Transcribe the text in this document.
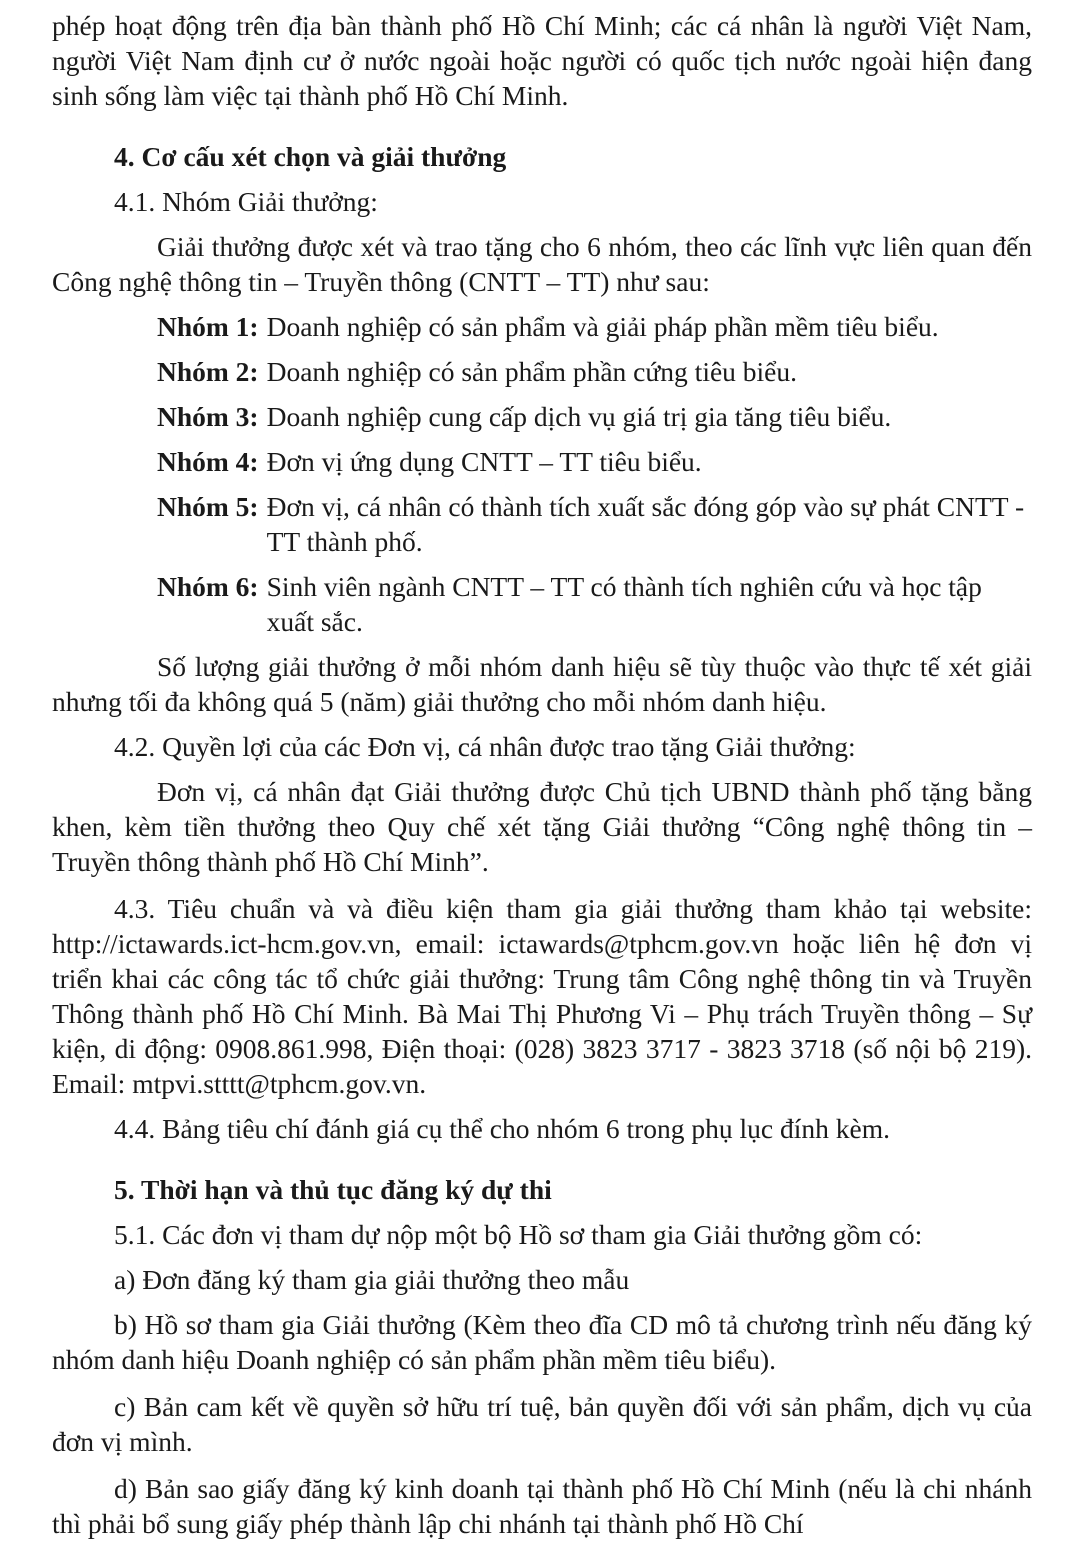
phép hoạt động trên địa bàn thành phố Hồ Chí Minh; các cá nhân là người Việt Nam, người Việt Nam định cư ở nước ngoài hoặc người có quốc tịch nước ngoài hiện đang sinh sống làm việc tại thành phố Hồ Chí Minh.

4. Cơ cấu xét chọn và giải thưởng

4.1. Nhóm Giải thưởng:

Giải thưởng được xét và trao tặng cho 6 nhóm, theo các lĩnh vực liên quan đến Công nghệ thông tin – Truyền thông (CNTT – TT) như sau:

Nhóm 1: Doanh nghiệp có sản phẩm và giải pháp phần mềm tiêu biểu.
Nhóm 2: Doanh nghiệp có sản phẩm phần cứng tiêu biểu.
Nhóm 3: Doanh nghiệp cung cấp dịch vụ giá trị gia tăng tiêu biểu.
Nhóm 4: Đơn vị ứng dụng CNTT – TT tiêu biểu.
Nhóm 5: Đơn vị, cá nhân có thành tích xuất sắc đóng góp vào sự phát CNTT -TT thành phố.
Nhóm 6: Sinh viên ngành CNTT – TT có thành tích nghiên cứu và học tập xuất sắc.

Số lượng giải thưởng ở mỗi nhóm danh hiệu sẽ tùy thuộc vào thực tế xét giải nhưng tối đa không quá 5 (năm) giải thưởng cho mỗi nhóm danh hiệu.

4.2. Quyền lợi của các Đơn vị, cá nhân được trao tặng Giải thưởng:

Đơn vị, cá nhân đạt Giải thưởng được Chủ tịch UBND thành phố tặng bằng khen, kèm tiền thưởng theo Quy chế xét tặng Giải thưởng “Công nghệ thông tin – Truyền thông thành phố Hồ Chí Minh”.

4.3. Tiêu chuẩn và và điều kiện tham gia giải thưởng tham khảo tại website: http://ictawards.ict-hcm.gov.vn, email: ictawards@tphcm.gov.vn hoặc liên hệ đơn vị triển khai các công tác tổ chức giải thưởng: Trung tâm Công nghệ thông tin và Truyền Thông thành phố Hồ Chí Minh. Bà Mai Thị Phương Vi – Phụ trách Truyền thông – Sự kiện, di động: 0908.861.998, Điện thoại: (028) 3823 3717 - 3823 3718 (số nội bộ 219). Email: mtpvi.stttt@tphcm.gov.vn.

4.4. Bảng tiêu chí đánh giá cụ thể cho nhóm 6 trong phụ lục đính kèm.

5. Thời hạn và thủ tục đăng ký dự thi

5.1. Các đơn vị tham dự nộp một bộ Hồ sơ tham gia Giải thưởng gồm có:

a) Đơn đăng ký tham gia giải thưởng theo mẫu

b) Hồ sơ tham gia Giải thưởng (Kèm theo đĩa CD mô tả chương trình nếu đăng ký nhóm danh hiệu Doanh nghiệp có sản phẩm phần mềm tiêu biểu).

c) Bản cam kết về quyền sở hữu trí tuệ, bản quyền đối với sản phẩm, dịch vụ của đơn vị mình.

d) Bản sao giấy đăng ký kinh doanh tại thành phố Hồ Chí Minh (nếu là chi nhánh thì phải bổ sung giấy phép thành lập chi nhánh tại thành phố Hồ Chí
